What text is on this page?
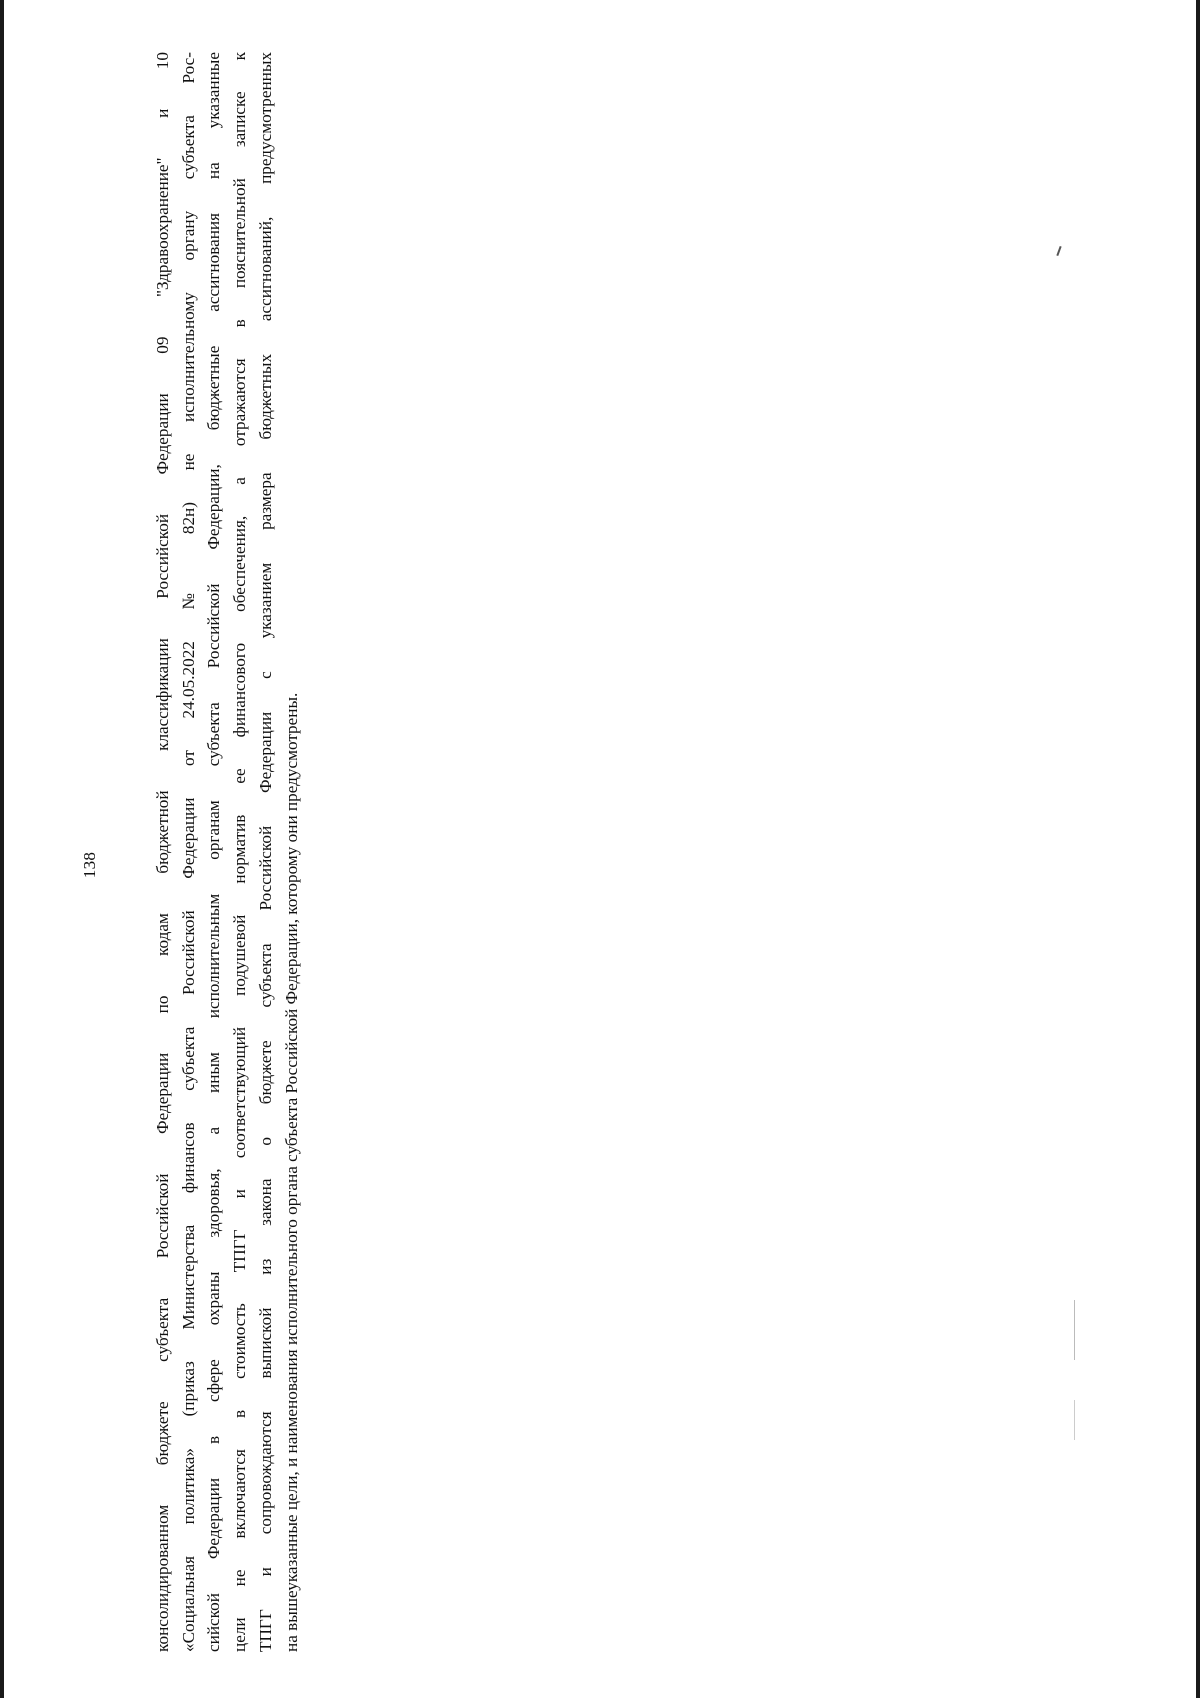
138	консолидированном бюджете субъекта Российской Федерации по кодам бюджетной классификации Российской Федерации 09 "Здравоохранение" и 10 «Социальная политика» (приказ Министерства финансов субъекта Российской Федерации от 24.05.2022 № 82н) не исполнительному органу субъекта Рос- сийской Федерации в сфере охраны здоровья, а иным исполнительным органам субъекта Российской Федерации, бюджетные ассигнования на указанные цели не включаются в стоимость ТПГГ и соответствующий подушевой норматив ее финансового обеспечения, а отражаются в пояснительной записке к ТПГГ и сопровождаются выпиской из закона о бюджете субъекта Российской Федерации с указанием размера бюджетных ассигнований, предусмотренных на вышеуказанные цели, и наименования исполнительного органа субъекта Российской Федерации, которому они предусмотрены.
